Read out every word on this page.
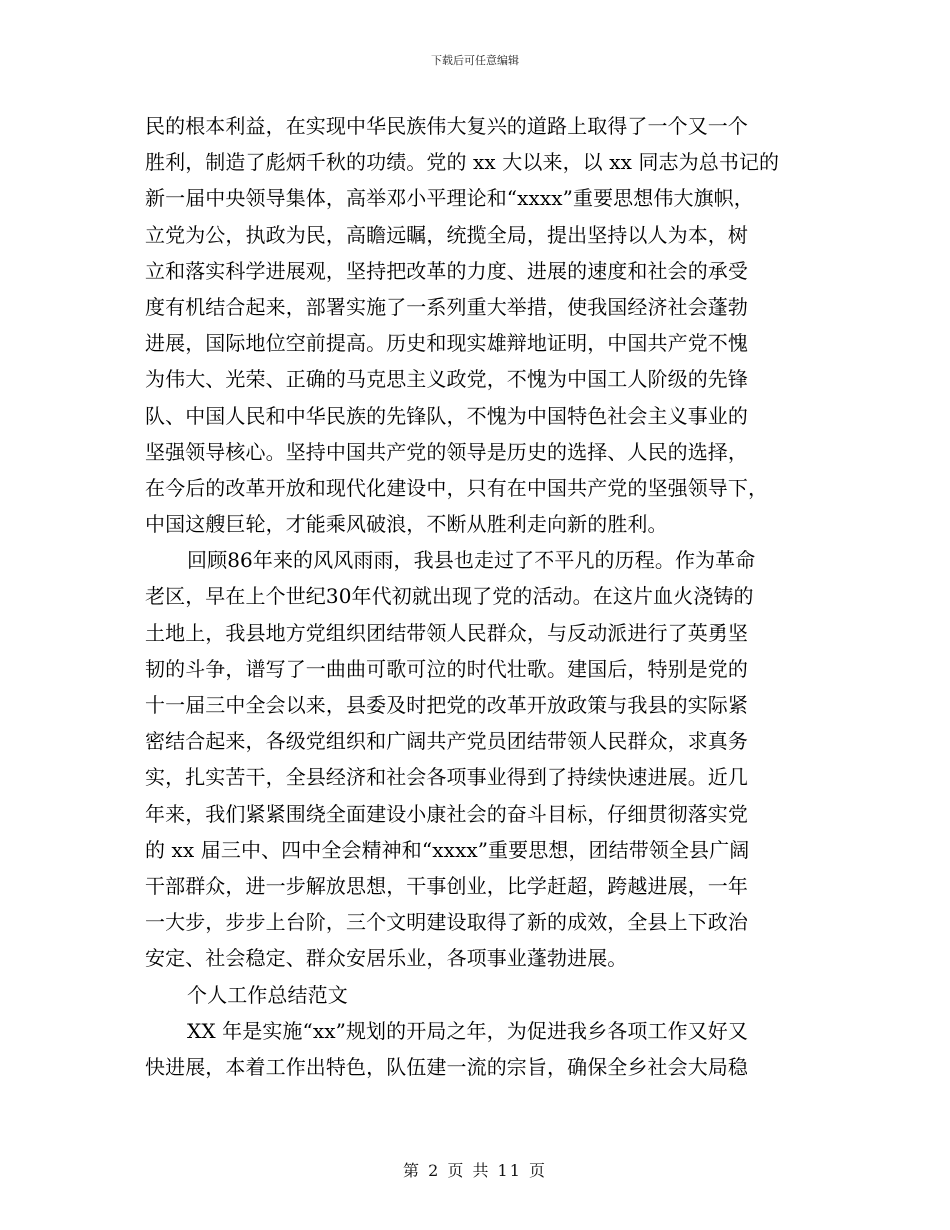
下载后可任意编辑
民的根本利益，在实现中华民族伟大复兴的道路上取得了一个又一个
胜利，制造了彪炳千秋的功绩。党的 xx 大以来，以 xx 同志为总书记的
新一届中央领导集体，高举邓小平理论和“xxxx”重要思想伟大旗帜，
立党为公，执政为民，高瞻远瞩，统揽全局，提出坚持以人为本，树
立和落实科学进展观，坚持把改革的力度、进展的速度和社会的承受
度有机结合起来，部署实施了一系列重大举措，使我国经济社会蓬勃
进展，国际地位空前提高。历史和现实雄辩地证明，中国共产党不愧
为伟大、光荣、正确的马克思主义政党，不愧为中国工人阶级的先锋
队、中国人民和中华民族的先锋队，不愧为中国特色社会主义事业的
坚强领导核心。坚持中国共产党的领导是历史的选择、人民的选择，
在今后的改革开放和现代化建设中，只有在中国共产党的坚强领导下，
中国这艘巨轮，才能乘风破浪，不断从胜利走向新的胜利。
回顾86年来的风风雨雨，我县也走过了不平凡的历程。作为革命
老区，早在上个世纪30年代初就出现了党的活动。在这片血火浇铸的
土地上，我县地方党组织团结带领人民群众，与反动派进行了英勇坚
韧的斗争，谱写了一曲曲可歌可泣的时代壮歌。建国后，特别是党的
十一届三中全会以来，县委及时把党的改革开放政策与我县的实际紧
密结合起来，各级党组织和广阔共产党员团结带领人民群众，求真务
实，扎实苦干，全县经济和社会各项事业得到了持续快速进展。近几
年来，我们紧紧围绕全面建设小康社会的奋斗目标，仔细贯彻落实党
的 xx 届三中、四中全会精神和“xxxx”重要思想，团结带领全县广阔
干部群众，进一步解放思想，干事创业，比学赶超，跨越进展，一年
一大步，步步上台阶，三个文明建设取得了新的成效，全县上下政治
安定、社会稳定、群众安居乐业，各项事业蓬勃进展。
个人工作总结范文
XX 年是实施“xx”规划的开局之年，为促进我乡各项工作又好又
快进展，本着工作出特色，队伍建一流的宗旨，确保全乡社会大局稳
第 2 页 共 11 页
